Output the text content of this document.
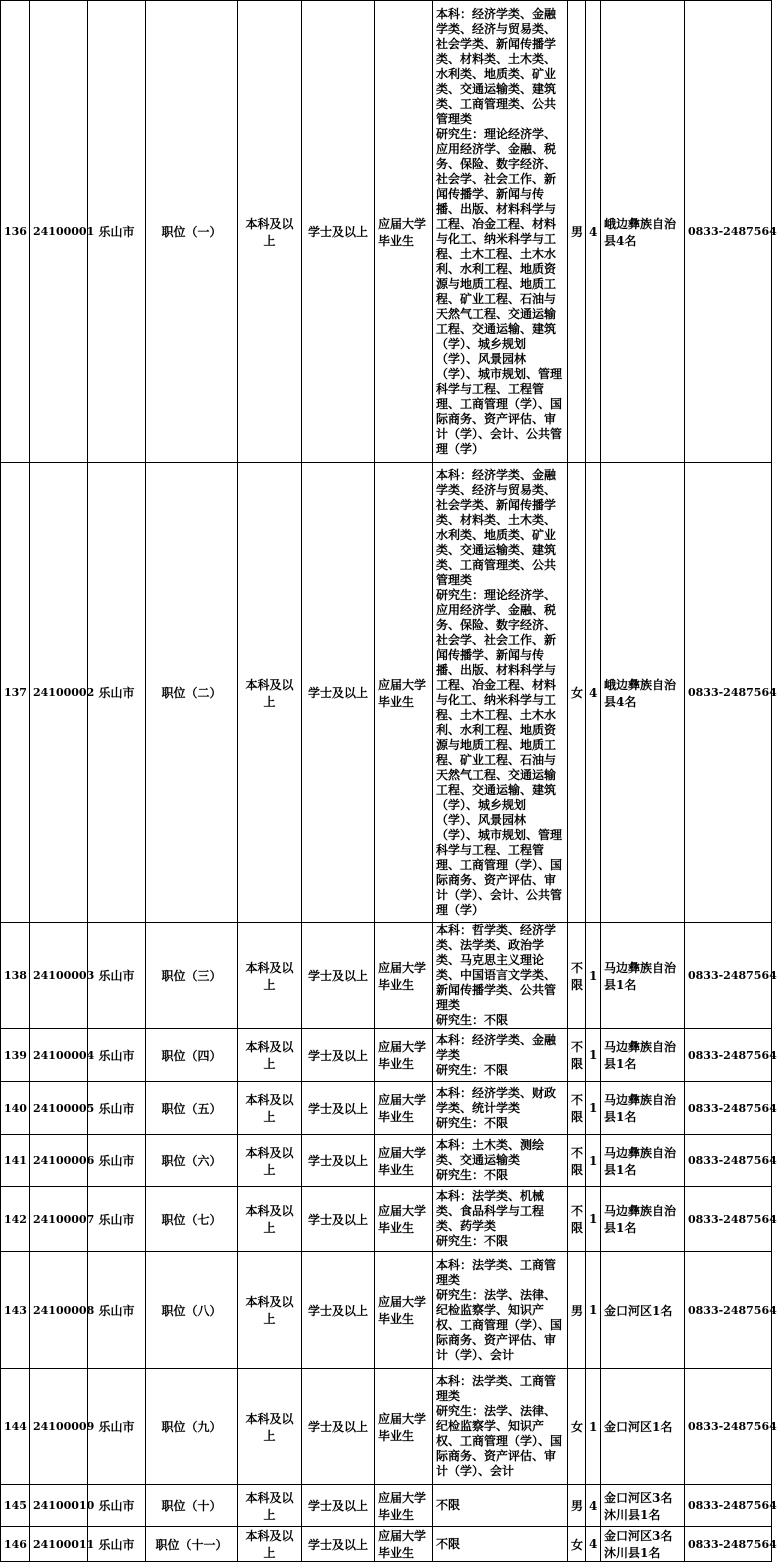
136	24100001	乐山市	职位（一）	本科及以上	学士及以上	应届大学毕业生	本科：经济学类、金融学类、经济与贸易类、社会学类、新闻传播学类、材料类、土木类、水利类、地质类、矿业类、交通运输类、建筑类、工商管理类、公共管理类
研究生：理论经济学、应用经济学、金融、税务、保险、数字经济、社会学、社会工作、新闻传播学、新闻与传播、出版、材料科学与工程、冶金工程、材料与化工、纳米科学与工程、土木工程、土木水利、水利工程、地质资源与地质工程、地质工程、矿业工程、石油与天然气工程、交通运输工程、交通运输、建筑（学）、城乡规划（学）、风景园林（学）、城市规划、管理科学与工程、工程管理、工商管理（学）、国际商务、资产评估、审计（学）、会计、公共管理（学）	男	4	峨边彝族自治县4名	0833-2487564
137	24100002	乐山市	职位（二）	本科及以上	学士及以上	应届大学毕业生	本科：经济学类、金融学类、经济与贸易类、社会学类、新闻传播学类、材料类、土木类、水利类、地质类、矿业类、交通运输类、建筑类、工商管理类、公共管理类
研究生：理论经济学、应用经济学、金融、税务、保险、数字经济、社会学、社会工作、新闻传播学、新闻与传播、出版、材料科学与工程、冶金工程、材料与化工、纳米科学与工程、土木工程、土木水利、水利工程、地质资源与地质工程、地质工程、矿业工程、石油与天然气工程、交通运输工程、交通运输、建筑（学）、城乡规划（学）、风景园林（学）、城市规划、管理科学与工程、工程管理、工商管理（学）、国际商务、资产评估、审计（学）、会计、公共管理（学）	女	4	峨边彝族自治县4名	0833-2487564
138	24100003	乐山市	职位（三）	本科及以上	学士及以上	应届大学毕业生	本科：哲学类、经济学类、法学类、政治学类、马克思主义理论类、中国语言文学类、新闻传播学类、公共管理类
研究生：不限	不限	1	马边彝族自治县1名	0833-2487564
139	24100004	乐山市	职位（四）	本科及以上	学士及以上	应届大学毕业生	本科：经济学类、金融学类
研究生：不限	不限	1	马边彝族自治县1名	0833-2487564
140	24100005	乐山市	职位（五）	本科及以上	学士及以上	应届大学毕业生	本科：经济学类、财政学类、统计学类
研究生：不限	不限	1	马边彝族自治县1名	0833-2487564
141	24100006	乐山市	职位（六）	本科及以上	学士及以上	应届大学毕业生	本科：土木类、测绘类、交通运输类
研究生：不限	不限	1	马边彝族自治县1名	0833-2487564
142	24100007	乐山市	职位（七）	本科及以上	学士及以上	应届大学毕业生	本科：法学类、机械类、食品科学与工程类、药学类
研究生：不限	不限	1	马边彝族自治县1名	0833-2487564
143	24100008	乐山市	职位（八）	本科及以上	学士及以上	应届大学毕业生	本科：法学类、工商管理类
研究生：法学、法律、纪检监察学、知识产权、工商管理（学）、国际商务、资产评估、审计（学）、会计	男	1	金口河区1名	0833-2487564
144	24100009	乐山市	职位（九）	本科及以上	学士及以上	应届大学毕业生	本科：法学类、工商管理类
研究生：法学、法律、纪检监察学、知识产权、工商管理（学）、国际商务、资产评估、审计（学）、会计	女	1	金口河区1名	0833-2487564
145	24100010	乐山市	职位（十）	本科及以上	学士及以上	应届大学毕业生	不限	男	4	金口河区3名 沐川县1名	0833-2487564
146	24100011	乐山市	职位（十一）	本科及以上	学士及以上	应届大学毕业生	不限	女	4	金口河区3名 沐川县1名	0833-2487564
